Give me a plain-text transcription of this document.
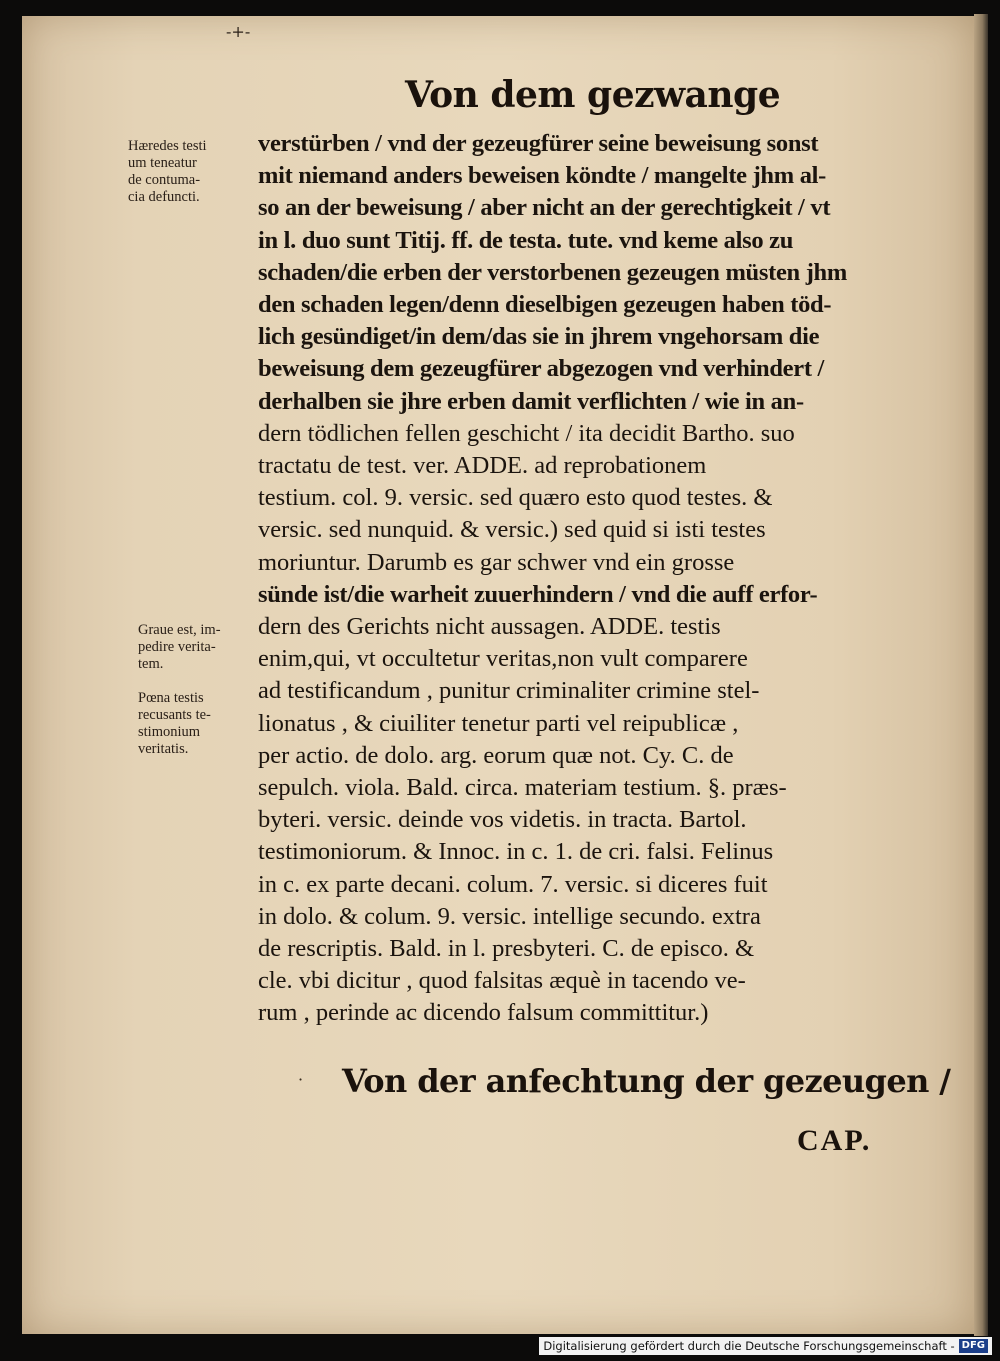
-+-
Von dem gezwange
Hæredes testi
um teneatur
de contuma-
cia defuncti.
Graue est, im-
pedire verita-
tem.
Pœna testis
recusants te-
stimonium
veritatis.
verstürben / vnd der gezeugfürer seine beweisung sonst
mit niemand anders beweisen köndte / mangelte jhm al-
so an der beweisung / aber nicht an der gerechtigkeit / vt
in l. duo sunt Titij. ff. de testa. tute. vnd keme also zu
schaden/die erben der verstorbenen gezeugen müsten jhm
den schaden legen/denn dieselbigen gezeugen haben töd-
lich gesündiget/in dem/das sie in jhrem vngehorsam die
beweisung dem gezeugfürer abgezogen vnd verhindert /
derhalben sie jhre erben damit verflichten / wie in an-
dern tödlichen fellen geschicht / ita decidit Bartho. suo
tractatu de test. ver. ADDE. ad reprobationem
testium. col. 9. versic. sed quæro esto quod testes. &
versic. sed nunquid. & versic.) sed quid si isti testes
moriuntur. Darumb es gar schwer vnd ein grosse
sünde ist/die warheit zuuerhindern / vnd die auff erfor-
dern des Gerichts nicht aussagen. ADDE. testis
enim,qui, vt occultetur veritas,non vult comparere
ad testificandum , punitur criminaliter crimine stel-
lionatus , & ciuiliter tenetur parti vel reipublicæ ,
per actio. de dolo. arg. eorum quæ not. Cy. C. de
sepulch. viola. Bald. circa. materiam testium. §. præs-
byteri. versic. deinde vos videtis. in tracta. Bartol.
testimoniorum. & Innoc. in c. 1. de cri. falsi. Felinus
in c. ex parte decani. colum. 7. versic. si diceres fuit
in dolo. & colum. 9. versic. intellige secundo. extra
de rescriptis. Bald. in l. presbyteri. C. de episco. &
cle. vbi dicitur , quod falsitas æquè in tacendo ve-
rum , perinde ac dicendo falsum committitur.)
· Von der anfechtung der gezeugen /
CAP.
Digitalisierung gefördert durch die Deutsche Forschungsgemeinschaft - DFG
